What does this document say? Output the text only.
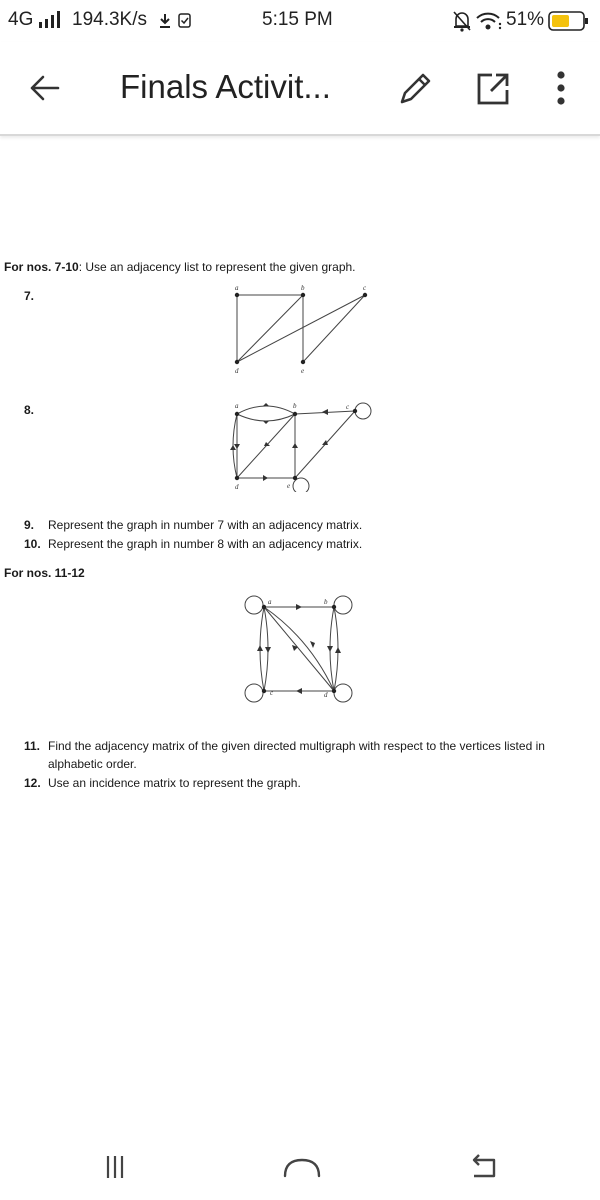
4G 194.3K/s	5:15 PM	51%
Finals Activit...
For nos. 7-10: Use an adjacency list to represent the given graph.
7.
a	b	c
d	e
8.	a	b	c
d	e
9. Represent the graph in number 7 with an adjacency matrix.
10. Represent the graph in number 8 with an adjacency matrix.
For nos. 11-12
a	b
c	d
11. Find the adjacency matrix of the given directed multigraph with respect to the vertices listed in
alphabetic order.
12. Use an incidence matrix to represent the graph.
